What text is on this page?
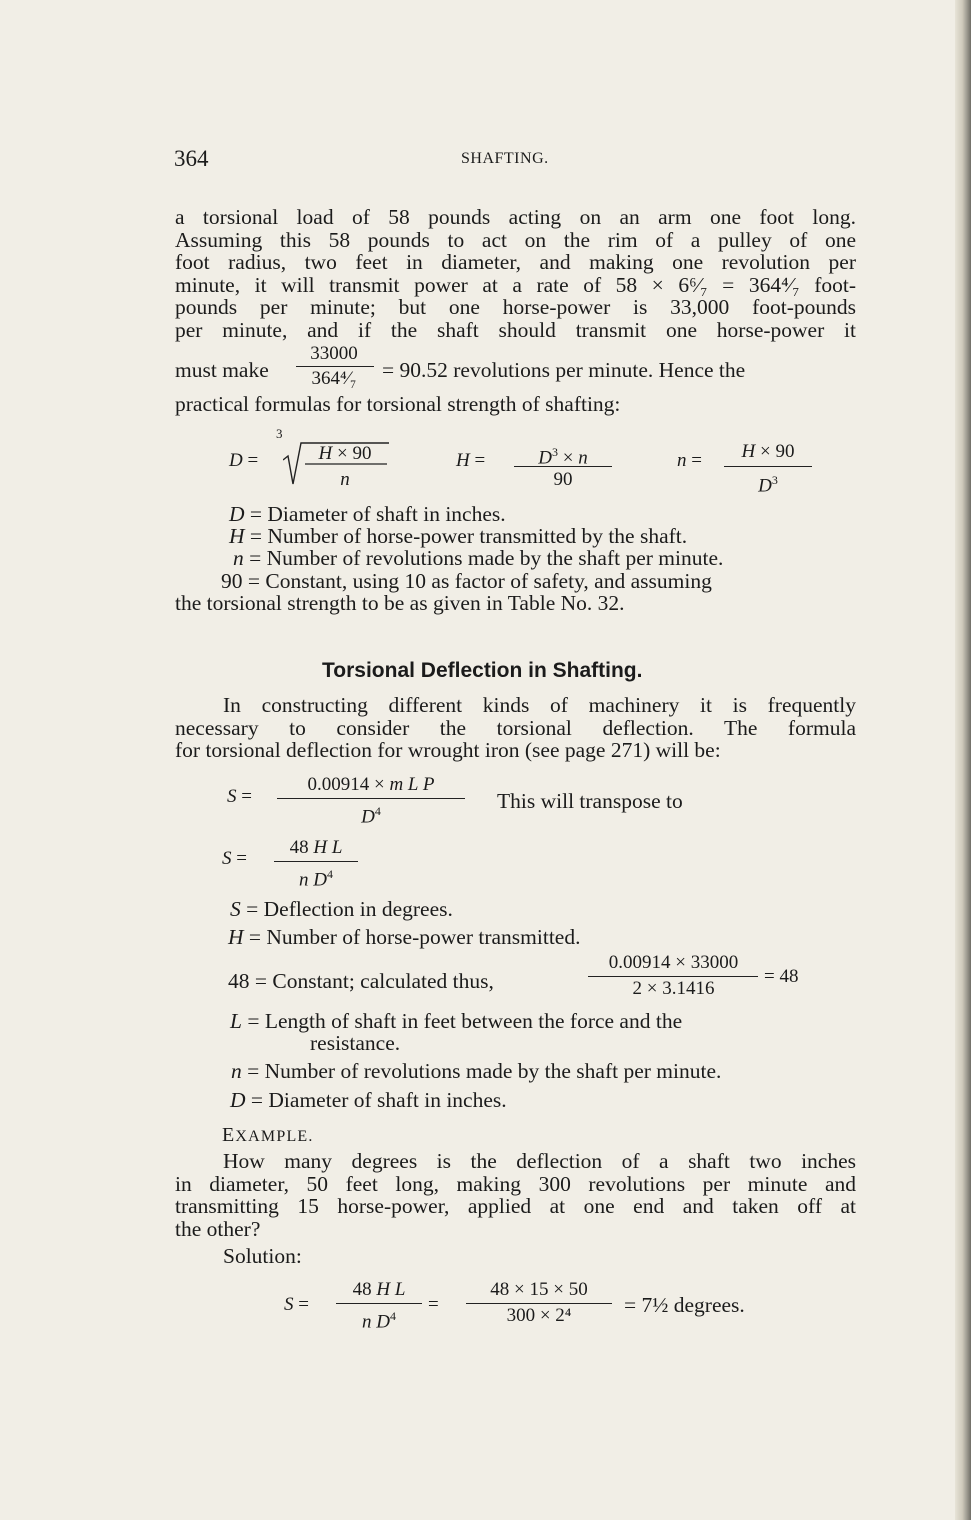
364	SHAFTING.
a torsional load of 58 pounds acting on an arm one foot long.
Assuming this 58 pounds to act on the rim of a pulley of one
foot radius, two feet in diameter, and making one revolution per
minute, it will transmit power at a rate of 58 × 6⁶⁄₇ = 364⁴⁄₇ foot-
pounds per minute; but one horse-power is 33,000 foot-pounds
per minute, and if the shaft should transmit one horse-power it
must make
33000
364⁴⁄₇	= 90.52 revolutions per minute. Hence the
practical formulas for torsional strength of shafting:
D =
3
H × 90
n
H =	$D^3 \times n$
90
n =	H × 90
$D^3$
D = Diameter of shaft in inches.
H = Number of horse-power transmitted by the shaft.
n = Number of revolutions made by the shaft per minute.
90 = Constant, using 10 as factor of safety, and assuming
the torsional strength to be as given in Table No. 32.
Torsional Deflection in Shafting.
In constructing different kinds of machinery it is frequently
necessary to consider the torsional deflection. The formula
for torsional deflection for wrought iron (see page 271) will be:
S =
0.00914 × m L P
$D^4$	This will transpose to
S =
48 H L
n $D^4$
S = Deflection in degrees.
H = Number of horse-power transmitted.
48 = Constant; calculated thus,
0.00914 × 33000
2 × 3.1416
= 48
L = Length of shaft in feet between the force and the
resistance.
n = Number of revolutions made by the shaft per minute.
D = Diameter of shaft in inches.
EXAMPLE.
How many degrees is the deflection of a shaft two inches
in diameter, 50 feet long, making 300 revolutions per minute and
transmitting 15 horse-power, applied at one end and taken off at
the other?
Solution:
S =
48 H L
n $D^4$
=
48 × 15 × 50
300 × 2⁴	= 7½ degrees.
